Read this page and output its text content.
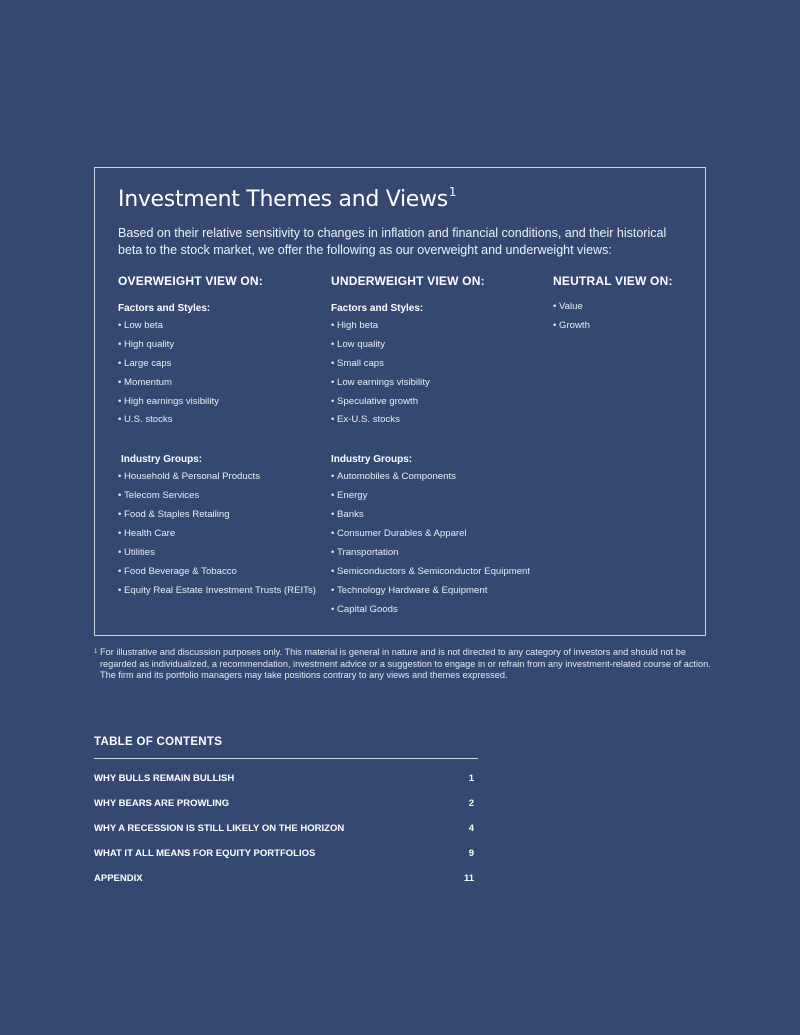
Investment Themes and Views$^1$

Based on their relative sensitivity to changes in inflation and financial conditions, and their historical beta to the stock market, we offer the following as our overweight and underweight views:

OVERWEIGHT VIEW ON:
Factors and Styles:
• Low beta
• High quality
• Large caps
• Momentum
• High earnings visibility
• U.S. stocks
Industry Groups:
• Household & Personal Products
• Telecom Services
• Food & Staples Retailing
• Health Care
• Utilities
• Food Beverage & Tobacco
• Equity Real Estate Investment Trusts (REITs)
UNDERWEIGHT VIEW ON:
Factors and Styles:
• High beta
• Low quality
• Small caps
• Low earnings visibility
• Speculative growth
• Ex-U.S. stocks
Industry Groups:
• Automobiles & Components
• Energy
• Banks
• Consumer Durables & Apparel
• Transportation
• Semiconductors & Semiconductor Equipment
• Technology Hardware & Equipment
• Capital Goods
NEUTRAL VIEW ON:
• Value
• Growth

$^1$ For illustrative and discussion purposes only. This material is general in nature and is not directed to any category of investors and should not be regarded as individualized, a recommendation, investment advice or a suggestion to engage in or refrain from any investment-related course of action. The firm and its portfolio managers may take positions contrary to any views and themes expressed.

TABLE OF CONTENTS
WHY BULLS REMAIN BULLISH	1
WHY BEARS ARE PROWLING	2
WHY A RECESSION IS STILL LIKELY ON THE HORIZON	4
WHAT IT ALL MEANS FOR EQUITY PORTFOLIOS	9
APPENDIX	11
